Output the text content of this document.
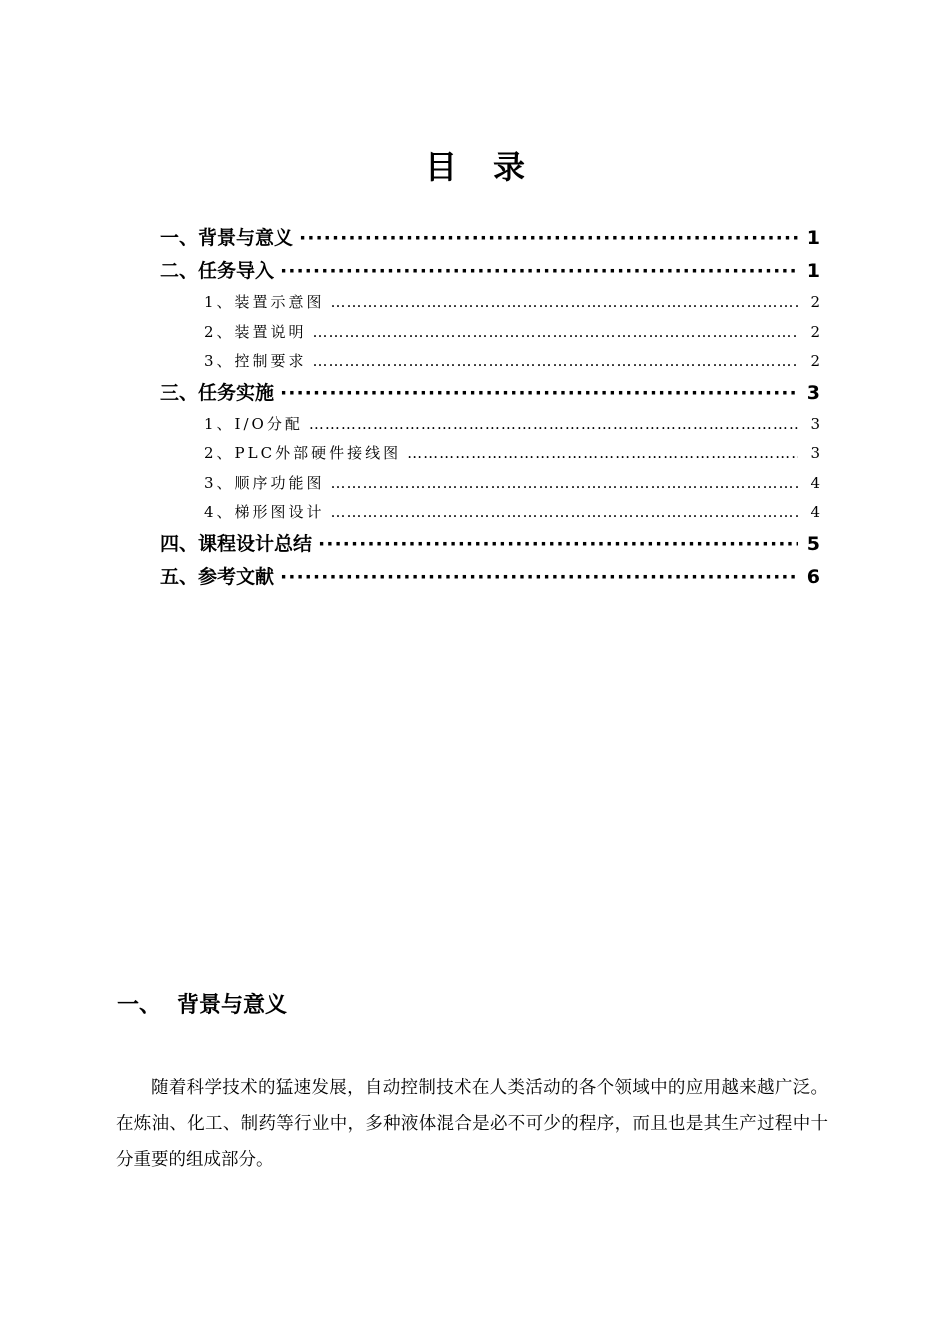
目录
一、背景与意义 ·····	1
二、任务导入 ·····	1
1、装置示意图 …………………………………………………………………………………………………………………………………………………………………………………………………	2
2、装置说明 …………………………………………………………………………………………………………………………………………………………………………………………………	2
3、控制要求 …………………………………………………………………………………………………………………………………………………………………………………………………	2
三、任务实施 ·····	3
1、I/O分配 …………………………………………………………………………………………………………………………………………………………………………………………………	3
2、PLC外部硬件接线图 …………………………………………………………………………………………………………………………………………………………………………………………………	3
3、顺序功能图 …………………………………………………………………………………………………………………………………………………………………………………………………	4
4、梯形图设计 …………………………………………………………………………………………………………………………………………………………………………………………………	4
四、课程设计总结 ·····	5
五、参考文献 ·····	6
一、 背景与意义

随着科学技术的猛速发展，自动控制技术在人类活动的各个领域中的应用越来越广泛。在炼油、化工、制药等行业中，多种液体混合是必不可少的程序，而且也是其生产过程中十分重要的组成部分。
